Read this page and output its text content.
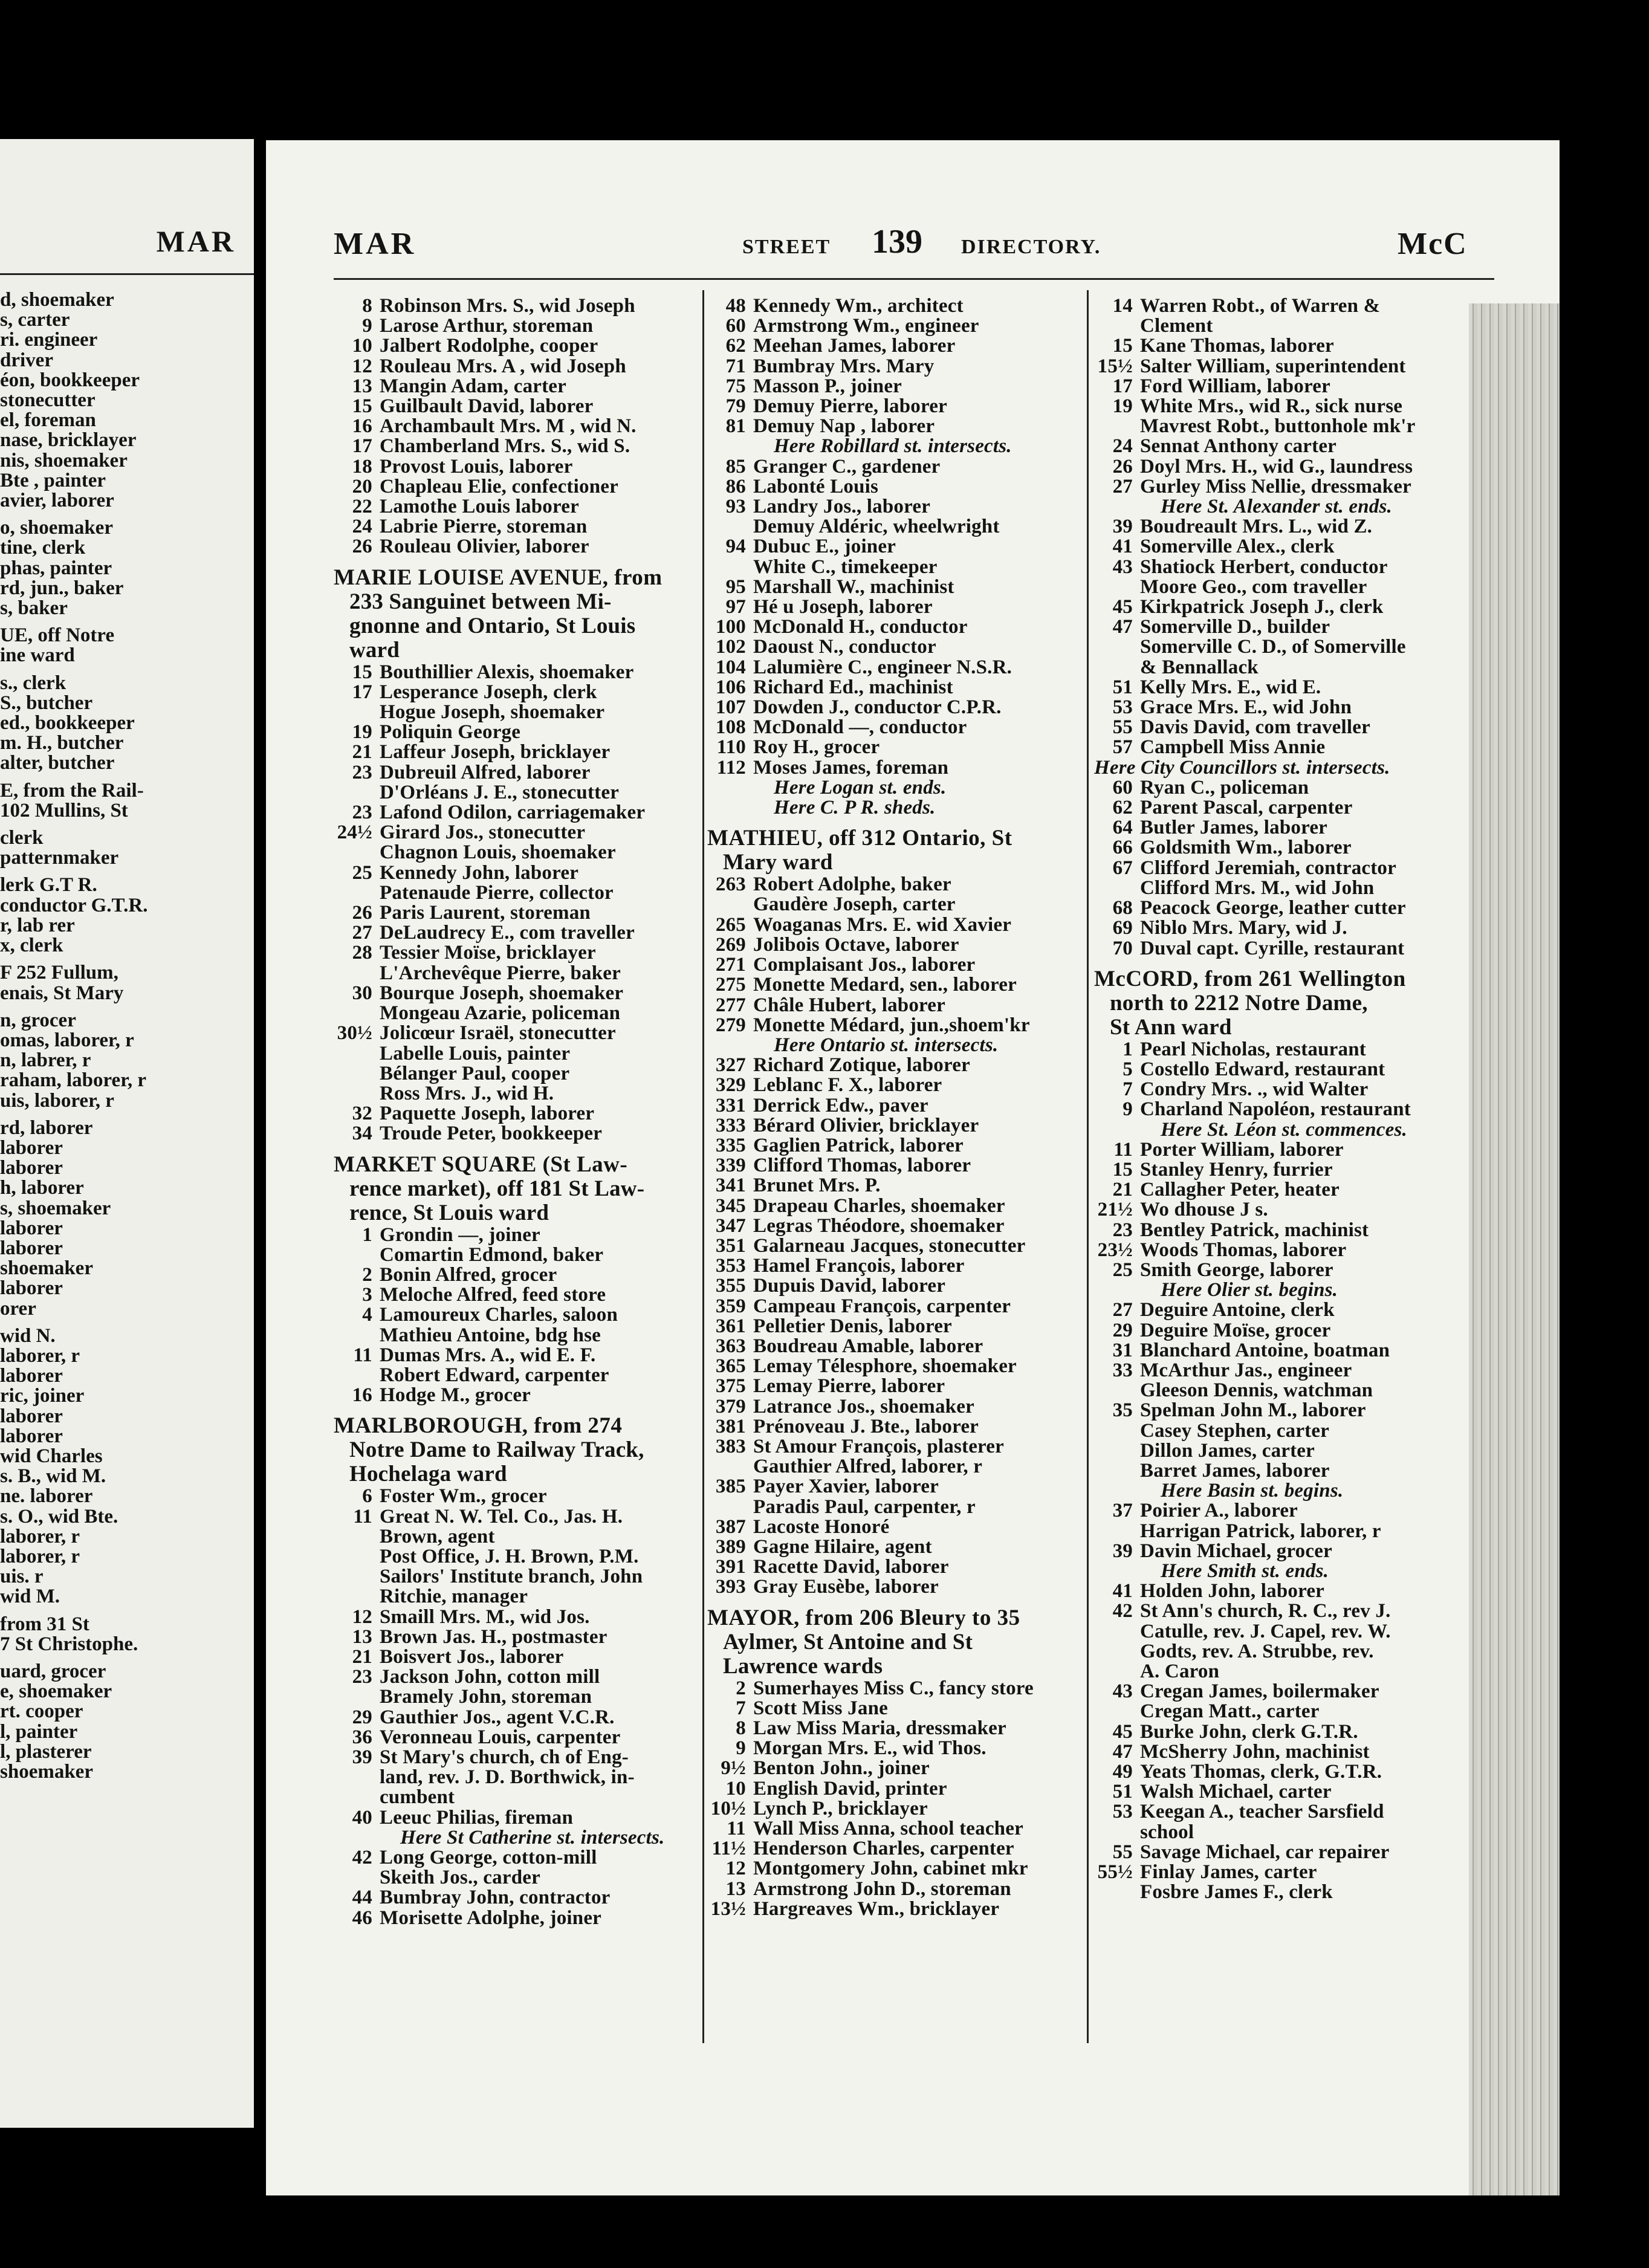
MAR
d, shoemaker
s, carter
ri. engineer
driver
éon, bookkeeper
stonecutter
el, foreman
nase, bricklayer
nis, shoemaker
Bte , painter
avier, laborer

o, shoemaker
tine, clerk
phas, painter
rd, jun., baker
s, baker

UE, off Notre
ine ward

s., clerk
S., butcher
ed., bookkeeper
m. H., butcher
alter, butcher

E, from the Rail-
102 Mullins, St

clerk
patternmaker

lerk G.T R.
conductor G.T.R.
r, lab rer
x, clerk

F 252 Fullum,
enais, St Mary

n, grocer
omas, laborer, r
n, labrer, r
raham, laborer, r
uis, laborer, r

rd, laborer
laborer
laborer
h, laborer
s, shoemaker
laborer
laborer
shoemaker
laborer
orer

wid N.
laborer, r
laborer
ric, joiner
laborer
laborer
wid Charles
s. B., wid M.
ne. laborer
s. O., wid Bte.
laborer, r
laborer, r
uis. r
wid M.

from 31 St
7 St Christophe.

uard, grocer
e, shoemaker
rt. cooper
l, painter
l, plasterer
shoemaker
MAR	STREET 139 DIRECTORY.	McC
8 Robinson Mrs. S., wid Joseph
9 Larose Arthur, storeman
10 Jalbert Rodolphe, cooper
12 Rouleau Mrs. A , wid Joseph
13 Mangin Adam, carter
15 Guilbault David, laborer
16 Archambault Mrs. M , wid N.
17 Chamberland Mrs. S., wid S.
18 Provost Louis, laborer
20 Chapleau Elie, confectioner
22 Lamothe Louis laborer
24 Labrie Pierre, storeman
26 Rouleau Olivier, laborer
MARIE LOUISE AVENUE, from
233 Sanguinet between Mi-
gnonne and Ontario, St Louis
ward
15 Bouthillier Alexis, shoemaker
17 Lesperance Joseph, clerk
Hogue Joseph, shoemaker
19 Poliquin George
21 Laffeur Joseph, bricklayer
23 Dubreuil Alfred, laborer
D'Orléans J. E., stonecutter
23 Lafond Odilon, carriagemaker
24½ Girard Jos., stonecutter
Chagnon Louis, shoemaker
25 Kennedy John, laborer
Patenaude Pierre, collector
26 Paris Laurent, storeman
27 DeLaudrecy E., com traveller
28 Tessier Moïse, bricklayer
L'Archevêque Pierre, baker
30 Bourque Joseph, shoemaker
Mongeau Azarie, policeman
30½ Jolicœur Israël, stonecutter
Labelle Louis, painter
Bélanger Paul, cooper
Ross Mrs. J., wid H.
32 Paquette Joseph, laborer
34 Troude Peter, bookkeeper
MARKET SQUARE (St Law-
rence market), off 181 St Law-
rence, St Louis ward
1 Grondin —, joiner
Comartin Edmond, baker
2 Bonin Alfred, grocer
3 Meloche Alfred, feed store
4 Lamoureux Charles, saloon
Mathieu Antoine, bdg hse
11 Dumas Mrs. A., wid E. F.
Robert Edward, carpenter
16 Hodge M., grocer
MARLBOROUGH, from 274
Notre Dame to Railway Track,
Hochelaga ward
6 Foster Wm., grocer
11 Great N. W. Tel. Co., Jas. H.
Brown, agent
Post Office, J. H. Brown, P.M.
Sailors' Institute branch, John
Ritchie, manager
12 Smaill Mrs. M., wid Jos.
13 Brown Jas. H., postmaster
21 Boisvert Jos., laborer
23 Jackson John, cotton mill
Bramely John, storeman
29 Gauthier Jos., agent V.C.R.
36 Veronneau Louis, carpenter
39 St Mary's church, ch of Eng-
land, rev. J. D. Borthwick, in-
cumbent
40 Leeuc Philias, fireman
Here St Catherine st. intersects.
42 Long George, cotton-mill
Skeith Jos., carder
44 Bumbray John, contractor
46 Morisette Adolphe, joiner
48 Kennedy Wm., architect
60 Armstrong Wm., engineer
62 Meehan James, laborer
71 Bumbray Mrs. Mary
75 Masson P., joiner
79 Demuy Pierre, laborer
81 Demuy Nap , laborer
Here Robillard st. intersects.
85 Granger C., gardener
86 Labonté Louis
93 Landry Jos., laborer
Demuy Aldéric, wheelwright
94 Dubuc E., joiner
White C., timekeeper
95 Marshall W., machinist
97 Hé u Joseph, laborer
100 McDonald H., conductor
102 Daoust N., conductor
104 Lalumière C., engineer N.S.R.
106 Richard Ed., machinist
107 Dowden J., conductor C.P.R.
108 McDonald —, conductor
110 Roy H., grocer
112 Moses James, foreman
Here Logan st. ends.
Here C. P R. sheds.
MATHIEU, off 312 Ontario, St
Mary ward
263 Robert Adolphe, baker
Gaudère Joseph, carter
265 Woaganas Mrs. E. wid Xavier
269 Jolibois Octave, laborer
271 Complaisant Jos., laborer
275 Monette Medard, sen., laborer
277 Châle Hubert, laborer
279 Monette Médard, jun.,shoem'kr
Here Ontario st. intersects.
327 Richard Zotique, laborer
329 Leblanc F. X., laborer
331 Derrick Edw., paver
333 Bérard Olivier, bricklayer
335 Gaglien Patrick, laborer
339 Clifford Thomas, laborer
341 Brunet Mrs. P.
345 Drapeau Charles, shoemaker
347 Legras Théodore, shoemaker
351 Galarneau Jacques, stonecutter
353 Hamel François, laborer
355 Dupuis David, laborer
359 Campeau François, carpenter
361 Pelletier Denis, laborer
363 Boudreau Amable, laborer
365 Lemay Télesphore, shoemaker
375 Lemay Pierre, laborer
379 Latrance Jos., shoemaker
381 Prénoveau J. Bte., laborer
383 St Amour François, plasterer
Gauthier Alfred, laborer, r
385 Payer Xavier, laborer
Paradis Paul, carpenter, r
387 Lacoste Honoré
389 Gagne Hilaire, agent
391 Racette David, laborer
393 Gray Eusèbe, laborer
MAYOR, from 206 Bleury to 35
Aylmer, St Antoine and St
Lawrence wards
2 Sumerhayes Miss C., fancy store
7 Scott Miss Jane
8 Law Miss Maria, dressmaker
9 Morgan Mrs. E., wid Thos.
9½ Benton John., joiner
10 English David, printer
10½ Lynch P., bricklayer
11 Wall Miss Anna, school teacher
11½ Henderson Charles, carpenter
12 Montgomery John, cabinet mkr
13 Armstrong John D., storeman
13½ Hargreaves Wm., bricklayer
14 Warren Robt., of Warren &
Clement
15 Kane Thomas, laborer
15½ Salter William, superintendent
17 Ford William, laborer
19 White Mrs., wid R., sick nurse
Mavrest Robt., buttonhole mk'r
24 Sennat Anthony carter
26 Doyl Mrs. H., wid G., laundress
27 Gurley Miss Nellie, dressmaker
Here St. Alexander st. ends.
39 Boudreault Mrs. L., wid Z.
41 Somerville Alex., clerk
43 Shatiock Herbert, conductor
Moore Geo., com traveller
45 Kirkpatrick Joseph J., clerk
47 Somerville D., builder
Somerville C. D., of Somerville
& Bennallack
51 Kelly Mrs. E., wid E.
53 Grace Mrs. E., wid John
55 Davis David, com traveller
57 Campbell Miss Annie
Here City Councillors st. intersects.
60 Ryan C., policeman
62 Parent Pascal, carpenter
64 Butler James, laborer
66 Goldsmith Wm., laborer
67 Clifford Jeremiah, contractor
Clifford Mrs. M., wid John
68 Peacock George, leather cutter
69 Niblo Mrs. Mary, wid J.
70 Duval capt. Cyrille, restaurant
McCORD, from 261 Wellington
north to 2212 Notre Dame,
St Ann ward
1 Pearl Nicholas, restaurant
5 Costello Edward, restaurant
7 Condry Mrs. ., wid Walter
9 Charland Napoléon, restaurant
Here St. Léon st. commences.
11 Porter William, laborer
15 Stanley Henry, furrier
21 Callagher Peter, heater
21½ Wo dhouse J s.
23 Bentley Patrick, machinist
23½ Woods Thomas, laborer
25 Smith George, laborer
Here Olier st. begins.
27 Deguire Antoine, clerk
29 Deguire Moïse, grocer
31 Blanchard Antoine, boatman
33 McArthur Jas., engineer
Gleeson Dennis, watchman
35 Spelman John M., laborer
Casey Stephen, carter
Dillon James, carter
Barret James, laborer
Here Basin st. begins.
37 Poirier A., laborer
Harrigan Patrick, laborer, r
39 Davin Michael, grocer
Here Smith st. ends.
41 Holden John, laborer
42 St Ann's church, R. C., rev J.
Catulle, rev. J. Capel, rev. W.
Godts, rev. A. Strubbe, rev.
A. Caron
43 Cregan James, boilermaker
Cregan Matt., carter
45 Burke John, clerk G.T.R.
47 McSherry John, machinist
49 Yeats Thomas, clerk, G.T.R.
51 Walsh Michael, carter
53 Keegan A., teacher Sarsfield
school
55 Savage Michael, car repairer
55½ Finlay James, carter
Fosbre James F., clerk
